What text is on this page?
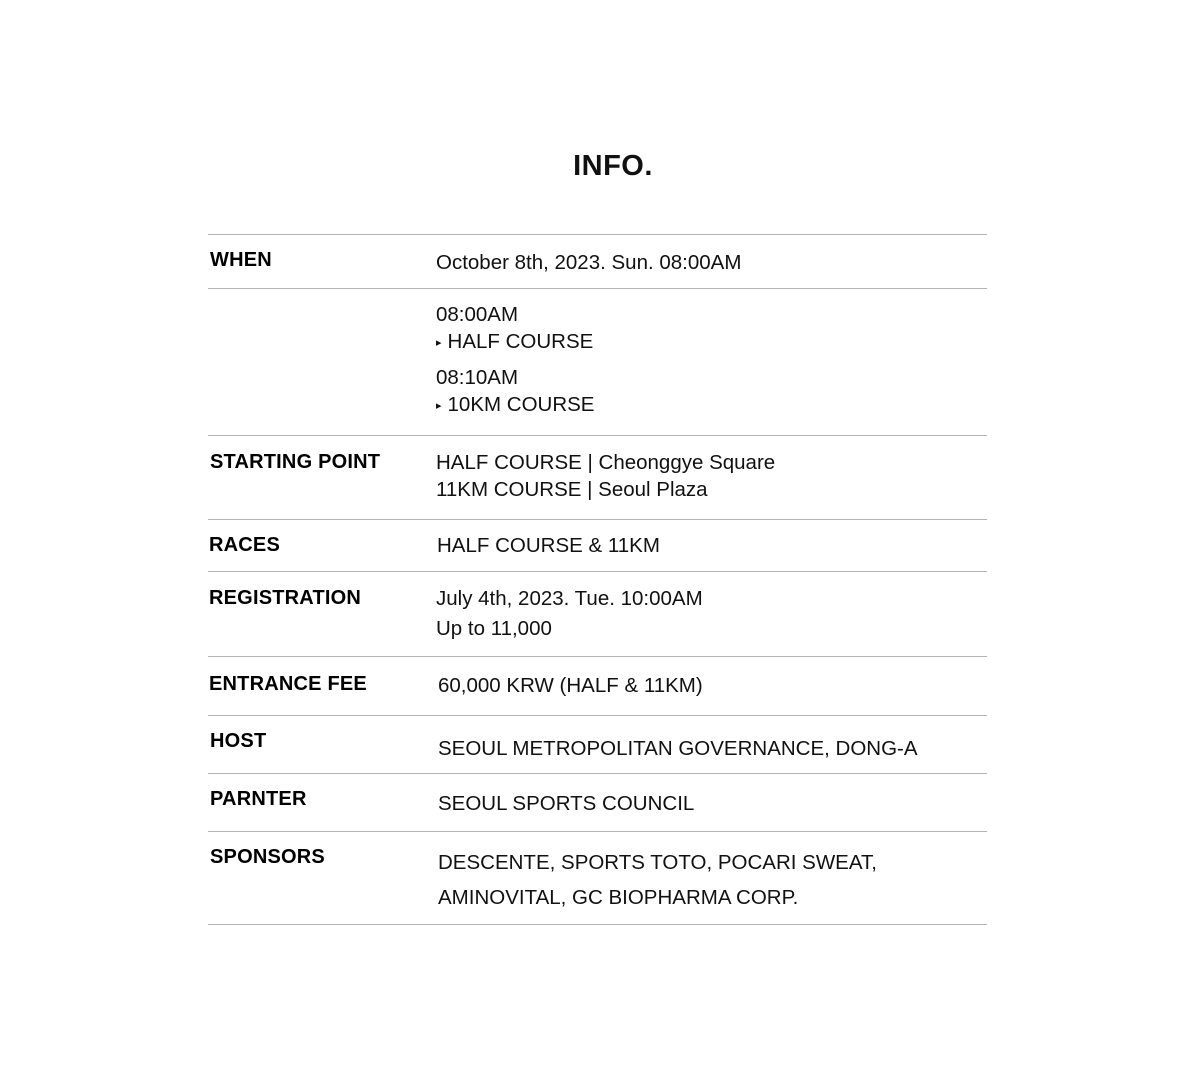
INFO.
WHEN	October 8th, 2023. Sun. 08:00AM
08:00AM
▸ HALF COURSE
08:10AM
▸ 10KM COURSE
STARTING POINT	HALF COURSE | Cheonggye Square
11KM COURSE | Seoul Plaza
RACES	HALF COURSE & 11KM
REGISTRATION	July 4th, 2023. Tue. 10:00AM
Up to 11,000
ENTRANCE FEE	60,000 KRW (HALF & 11KM)
HOST	SEOUL METROPOLITAN GOVERNANCE, DONG-A
PARNTER	SEOUL SPORTS COUNCIL
SPONSORS	DESCENTE, SPORTS TOTO, POCARI SWEAT,
AMINOVITAL, GC BIOPHARMA CORP.
